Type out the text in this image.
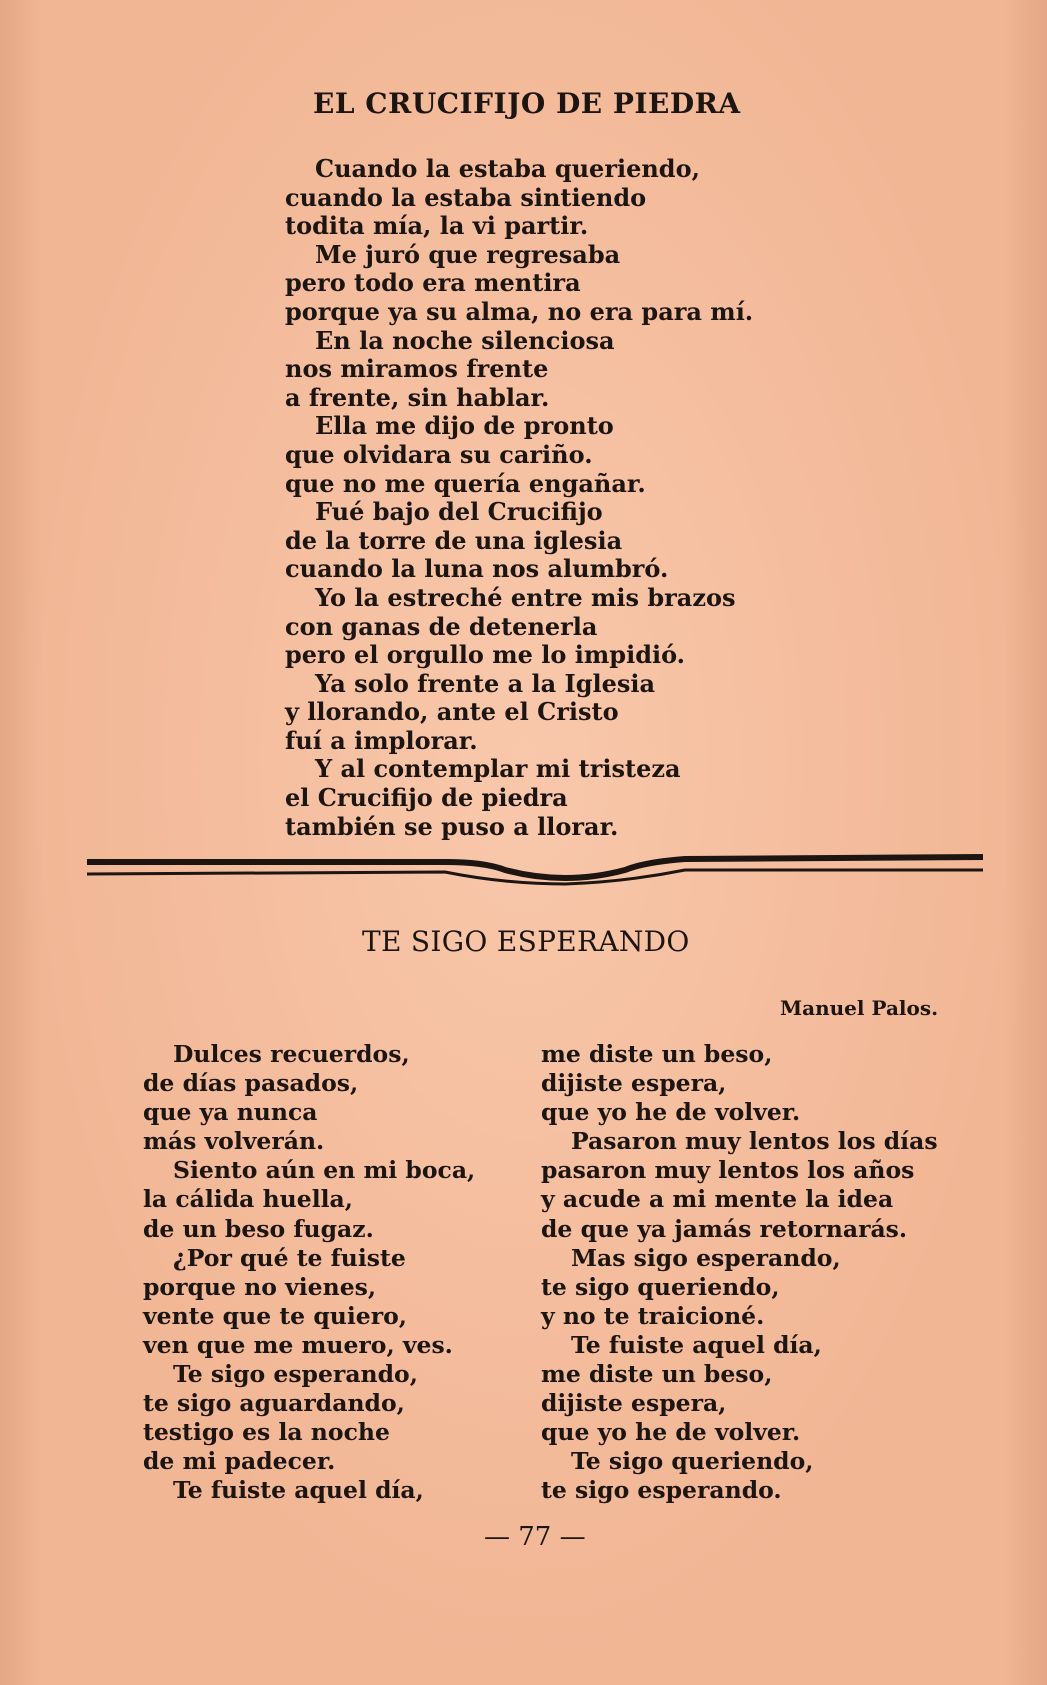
EL CRUCIFIJO DE PIEDRA
Cuando la estaba queriendo,
cuando la estaba sintiendo
todita mía, la vi partir.
Me juró que regresaba
pero todo era mentira
porque ya su alma, no era para mí.
En la noche silenciosa
nos miramos frente
a frente, sin hablar.
Ella me dijo de pronto
que olvidara su cariño.
que no me quería engañar.
Fué bajo del Crucifijo
de la torre de una iglesia
cuando la luna nos alumbró.
Yo la estreché entre mis brazos
con ganas de detenerla
pero el orgullo me lo impidió.
Ya solo frente a la Iglesia
y llorando, ante el Cristo
fuí a implorar.
Y al contemplar mi tristeza
el Crucifijo de piedra
también se puso a llorar.
TE SIGO ESPERANDO
Manuel Palos.
Dulces recuerdos,
de días pasados,
que ya nunca
más volverán.
Siento aún en mi boca,
la cálida huella,
de un beso fugaz.
¿Por qué te fuiste
porque no vienes,
vente que te quiero,
ven que me muero, ves.
Te sigo esperando,
te sigo aguardando,
testigo es la noche
de mi padecer.
Te fuiste aquel día,
me diste un beso,
dijiste espera,
que yo he de volver.
Pasaron muy lentos los días
pasaron muy lentos los años
y acude a mi mente la idea
de que ya jamás retornarás.
Mas sigo esperando,
te sigo queriendo,
y no te traicioné.
Te fuiste aquel día,
me diste un beso,
dijiste espera,
que yo he de volver.
Te sigo queriendo,
te sigo esperando.
— 77 —
